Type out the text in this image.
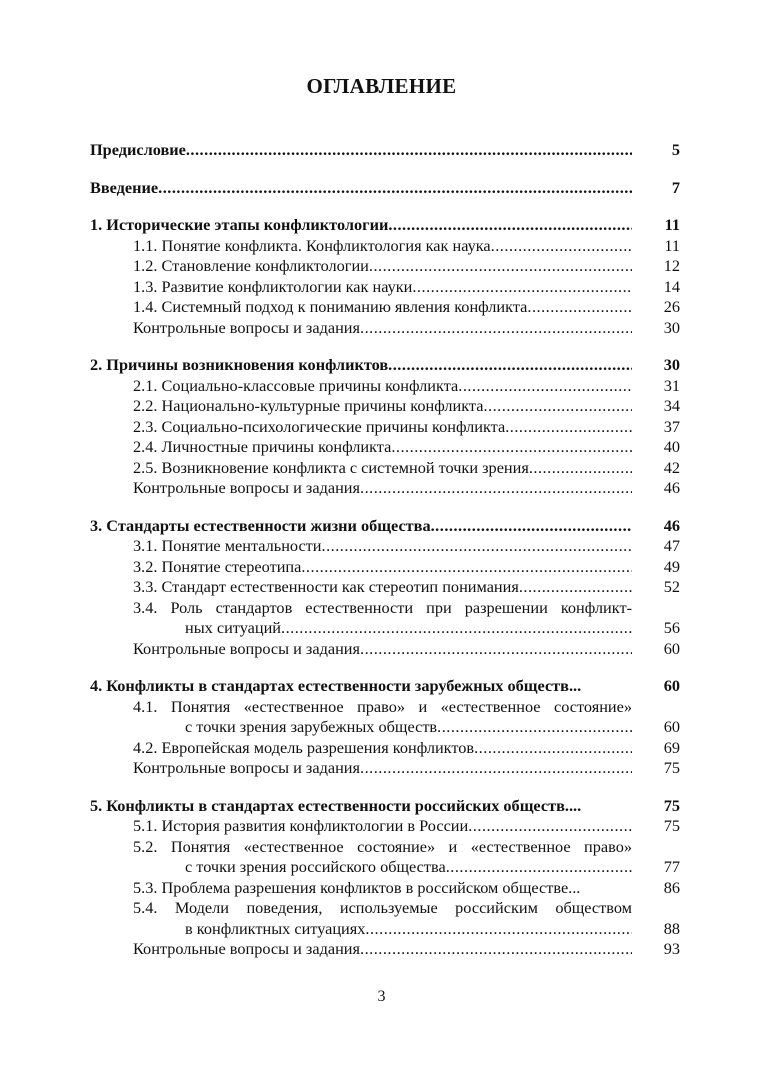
ОГЛАВЛЕНИЕ
Предисловие .....	5
Введение .....	7
1. Исторические этапы конфликтологии .....	11
1.1. Понятие конфликта. Конфликтология как наука .....	11
1.2. Становление конфликтологии .....	12
1.3. Развитие конфликтологии как науки .....	14
1.4. Системный подход к пониманию явления конфликта .....	26
Контрольные вопросы и задания .....	30
2. Причины возникновения конфликтов .....	30
2.1. Социально-классовые причины конфликта .....	31
2.2. Национально-культурные причины конфликта .....	34
2.3. Социально-психологические причины конфликта .....	37
2.4. Личностные причины конфликта .....	40
2.5. Возникновение конфликта с системной точки зрения .....	42
Контрольные вопросы и задания .....	46
3. Стандарты естественности жизни общества .....	46
3.1. Понятие ментальности .....	47
3.2. Понятие стереотипа .....	49
3.3. Стандарт естественности как стереотип понимания .....	52
3.4. Роль стандартов естественности при разрешении конфликт-
ных ситуаций .....	56
Контрольные вопросы и задания .....	60
4. Конфликты в стандартах естественности зарубежных обществ...	60
4.1. Понятия «естественное право» и «естественное состояние»
с точки зрения зарубежных обществ .....	60
4.2. Европейская модель разрешения конфликтов .....	69
Контрольные вопросы и задания .....	75
5. Конфликты в стандартах естественности российских обществ....	75
5.1. История развития конфликтологии в России .....	75
5.2. Понятия «естественное состояние» и «естественное право»
с точки зрения российского общества .....	77
5.3. Проблема разрешения конфликтов в российском обществе...	86
5.4. Модели поведения, используемые российским обществом
в конфликтных ситуациях .....	88
Контрольные вопросы и задания .....	93
3
